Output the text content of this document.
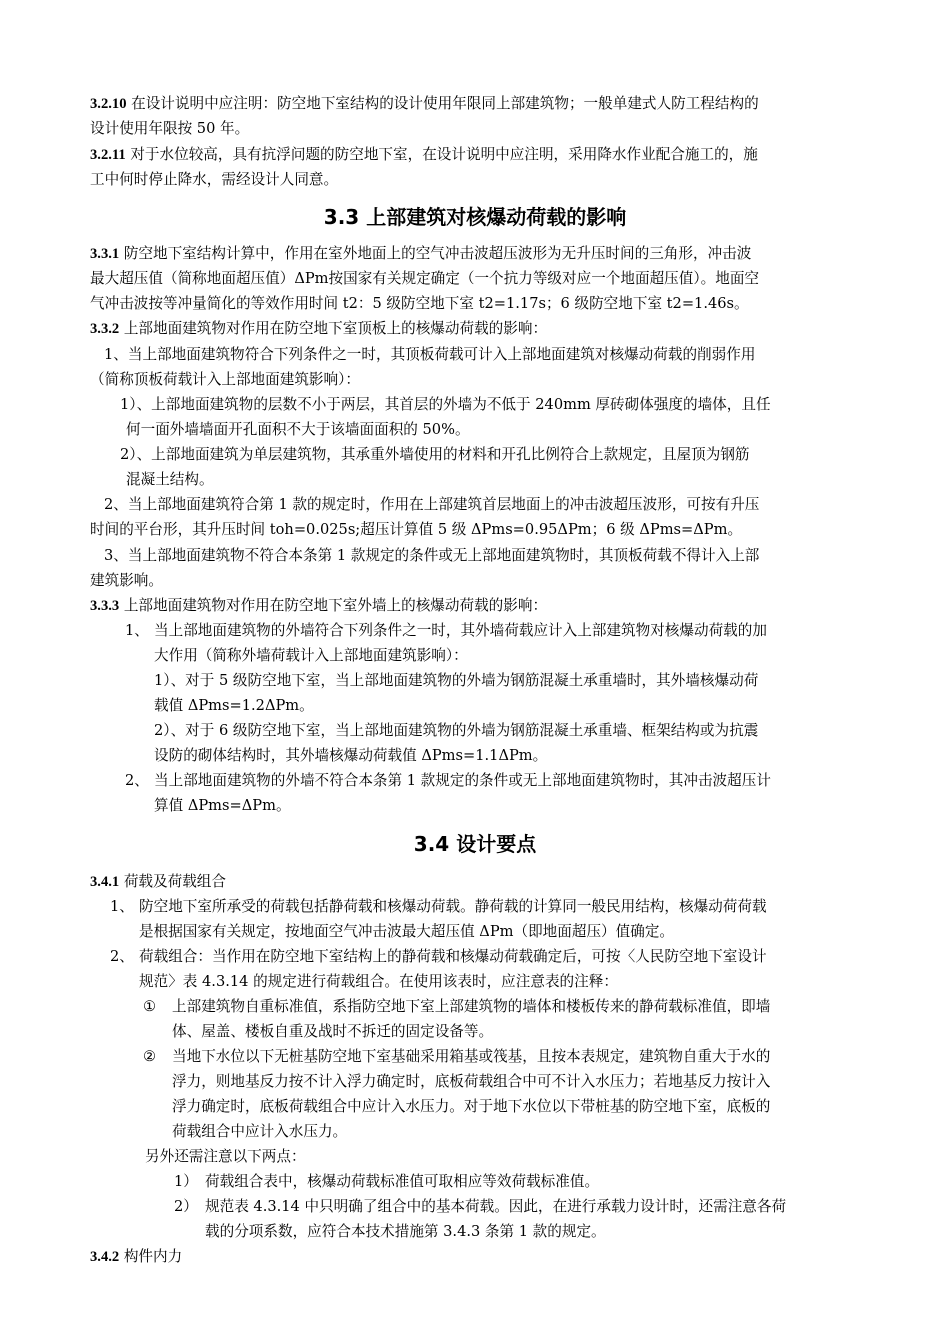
3.2.10 在设计说明中应注明：防空地下室结构的设计使用年限同上部建筑物；一般单建式人防工程结构的
设计使用年限按 50 年。
3.2.11 对于水位较高，具有抗浮问题的防空地下室，在设计说明中应注明，采用降水作业配合施工的，施
工中何时停止降水，需经设计人同意。
3.3 上部建筑对核爆动荷载的影响
3.3.1 防空地下室结构计算中，作用在室外地面上的空气冲击波超压波形为无升压时间的三角形，冲击波
最大超压值（简称地面超压值）ΔPm按国家有关规定确定（一个抗力等级对应一个地面超压值）。地面空
气冲击波按等冲量简化的等效作用时间 t2：5 级防空地下室 t2=1.17s；6 级防空地下室 t2=1.46s。
3.3.2 上部地面建筑物对作用在防空地下室顶板上的核爆动荷载的影响：
1、当上部地面建筑物符合下列条件之一时，其顶板荷载可计入上部地面建筑对核爆动荷载的削弱作用
（简称顶板荷载计入上部地面建筑影响）：
1）、上部地面建筑物的层数不小于两层，其首层的外墙为不低于 240mm 厚砖砌体强度的墙体，且任
何一面外墙墙面开孔面积不大于该墙面面积的 50%。
2）、上部地面建筑为单层建筑物，其承重外墙使用的材料和开孔比例符合上款规定，且屋顶为钢筋
混凝土结构。
2、当上部地面建筑符合第 1 款的规定时，作用在上部建筑首层地面上的冲击波超压波形，可按有升压
时间的平台形，其升压时间 toh=0.025s;超压计算值 5 级 ΔPms=0.95ΔPm；6 级 ΔPms=ΔPm。
3、当上部地面建筑物不符合本条第 1 款规定的条件或无上部地面建筑物时，其顶板荷载不得计入上部
建筑影响。
3.3.3 上部地面建筑物对作用在防空地下室外墙上的核爆动荷载的影响：
1、 当上部地面建筑物的外墙符合下列条件之一时，其外墙荷载应计入上部建筑物对核爆动荷载的加
大作用（简称外墙荷载计入上部地面建筑影响）：
1）、对于 5 级防空地下室，当上部地面建筑物的外墙为钢筋混凝土承重墙时，其外墙核爆动荷
载值 ΔPms=1.2ΔPm。
2）、对于 6 级防空地下室，当上部地面建筑物的外墙为钢筋混凝土承重墙、框架结构或为抗震
设防的砌体结构时，其外墙核爆动荷载值 ΔPms=1.1ΔPm。
2、 当上部地面建筑物的外墙不符合本条第 1 款规定的条件或无上部地面建筑物时，其冲击波超压计
算值 ΔPms=ΔPm。
3.4 设计要点
3.4.1 荷载及荷载组合
1、 防空地下室所承受的荷载包括静荷载和核爆动荷载。静荷载的计算同一般民用结构，核爆动荷荷载
是根据国家有关规定，按地面空气冲击波最大超压值 ΔPm（即地面超压）值确定。
2、 荷载组合：当作用在防空地下室结构上的静荷载和核爆动荷载确定后，可按〈人民防空地下室设计
规范〉表 4.3.14 的规定进行荷载组合。在使用该表时，应注意表的注释：
① 上部建筑物自重标准值，系指防空地下室上部建筑物的墙体和楼板传来的静荷载标准值，即墙
体、屋盖、楼板自重及战时不拆迁的固定设备等。
② 当地下水位以下无桩基防空地下室基础采用箱基或筏基，且按本表规定，建筑物自重大于水的
浮力，则地基反力按不计入浮力确定时，底板荷载组合中可不计入水压力；若地基反力按计入
浮力确定时，底板荷载组合中应计入水压力。对于地下水位以下带桩基的防空地下室，底板的
荷载组合中应计入水压力。
另外还需注意以下两点：
1） 荷载组合表中，核爆动荷载标准值可取相应等效荷载标准值。
2） 规范表 4.3.14 中只明确了组合中的基本荷载。因此，在进行承载力设计时，还需注意各荷
载的分项系数，应符合本技术措施第 3.4.3 条第 1 款的规定。
3.4.2 构件内力
